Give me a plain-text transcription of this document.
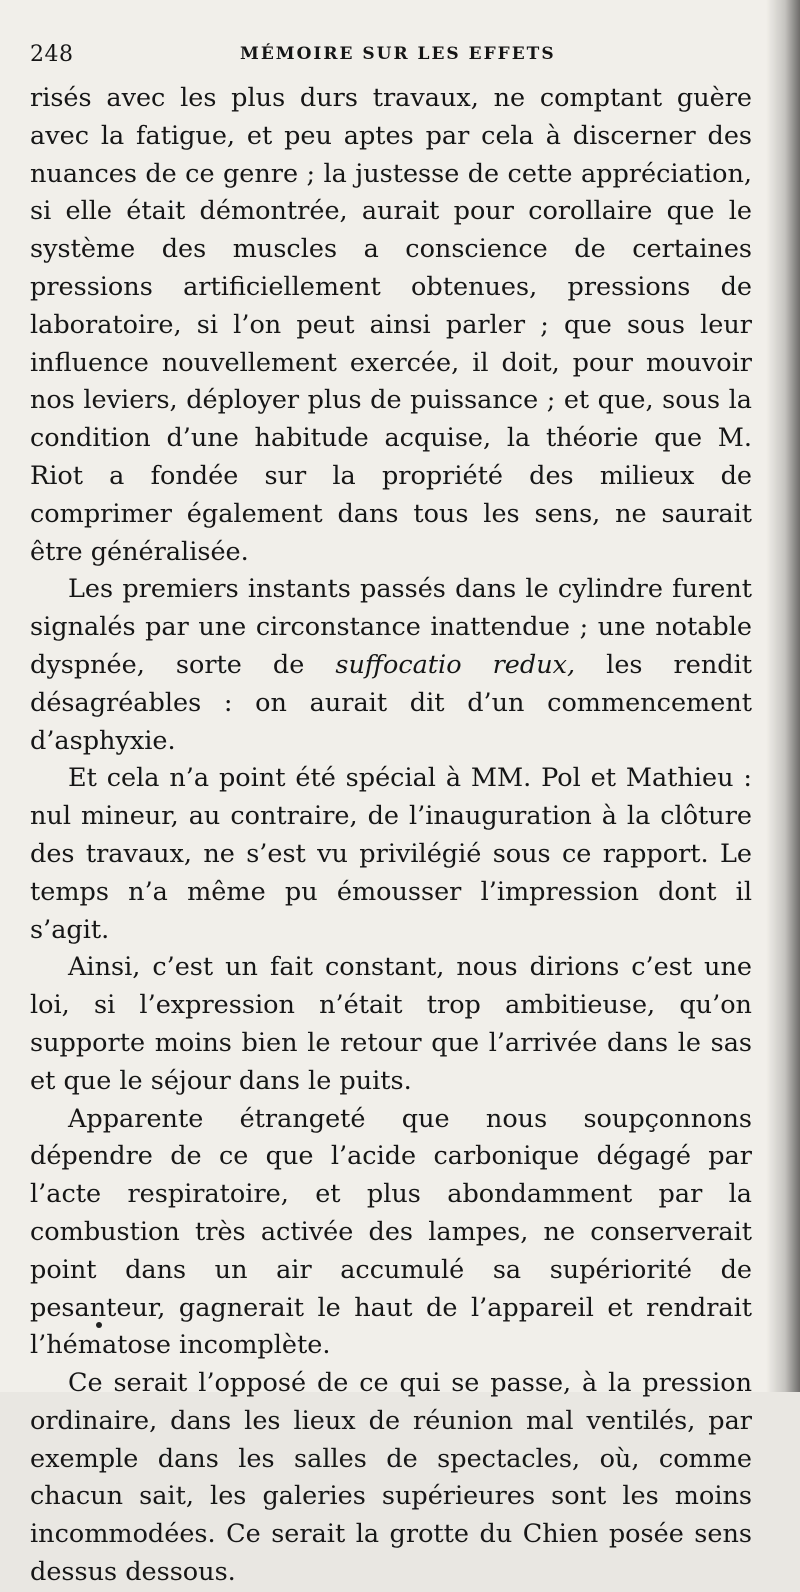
248	MÉMOIRE SUR LES EFFETS

risés avec les plus durs travaux, ne comptant guère avec la fatigue, et peu aptes par cela à discerner des nuances de ce genre ; la justesse de cette appréciation, si elle était démontrée, aurait pour corollaire que le système des muscles a conscience de certaines pressions artificiellement obtenues, pressions de laboratoire, si l’on peut ainsi parler ; que sous leur influence nouvellement exercée, il doit, pour mouvoir nos leviers, déployer plus de puissance ; et que, sous la condition d’une habitude acquise, la théorie que M. Riot a fondée sur la propriété des milieux de comprimer également dans tous les sens, ne saurait être généralisée.

Les premiers instants passés dans le cylindre furent signalés par une circonstance inattendue ; une notable dyspnée, sorte de suffocatio redux, les rendit désagréables : on aurait dit d’un commencement d’asphyxie.

Et cela n’a point été spécial à MM. Pol et Mathieu : nul mineur, au contraire, de l’inauguration à la clôture des travaux, ne s’est vu privilégié sous ce rapport. Le temps n’a même pu émousser l’impression dont il s’agit.

Ainsi, c’est un fait constant, nous dirions c’est une loi, si l’expression n’était trop ambitieuse, qu’on supporte moins bien le retour que l’arrivée dans le sas et que le séjour dans le puits.

Apparente étrangeté que nous soupçonnons dépendre de ce que l’acide carbonique dégagé par l’acte respiratoire, et plus abondamment par la combustion très activée des lampes, ne conserverait point dans un air accumulé sa supériorité de pesanteur, gagnerait le haut de l’appareil et rendrait l’hématose incomplète.

Ce serait l’opposé de ce qui se passe, à la pression ordinaire, dans les lieux de réunion mal ventilés, par exemple dans les salles de spectacles, où, comme chacun sait, les galeries supérieures sont les moins incommodées. Ce serait la grotte du Chien posée sens dessus dessous.
